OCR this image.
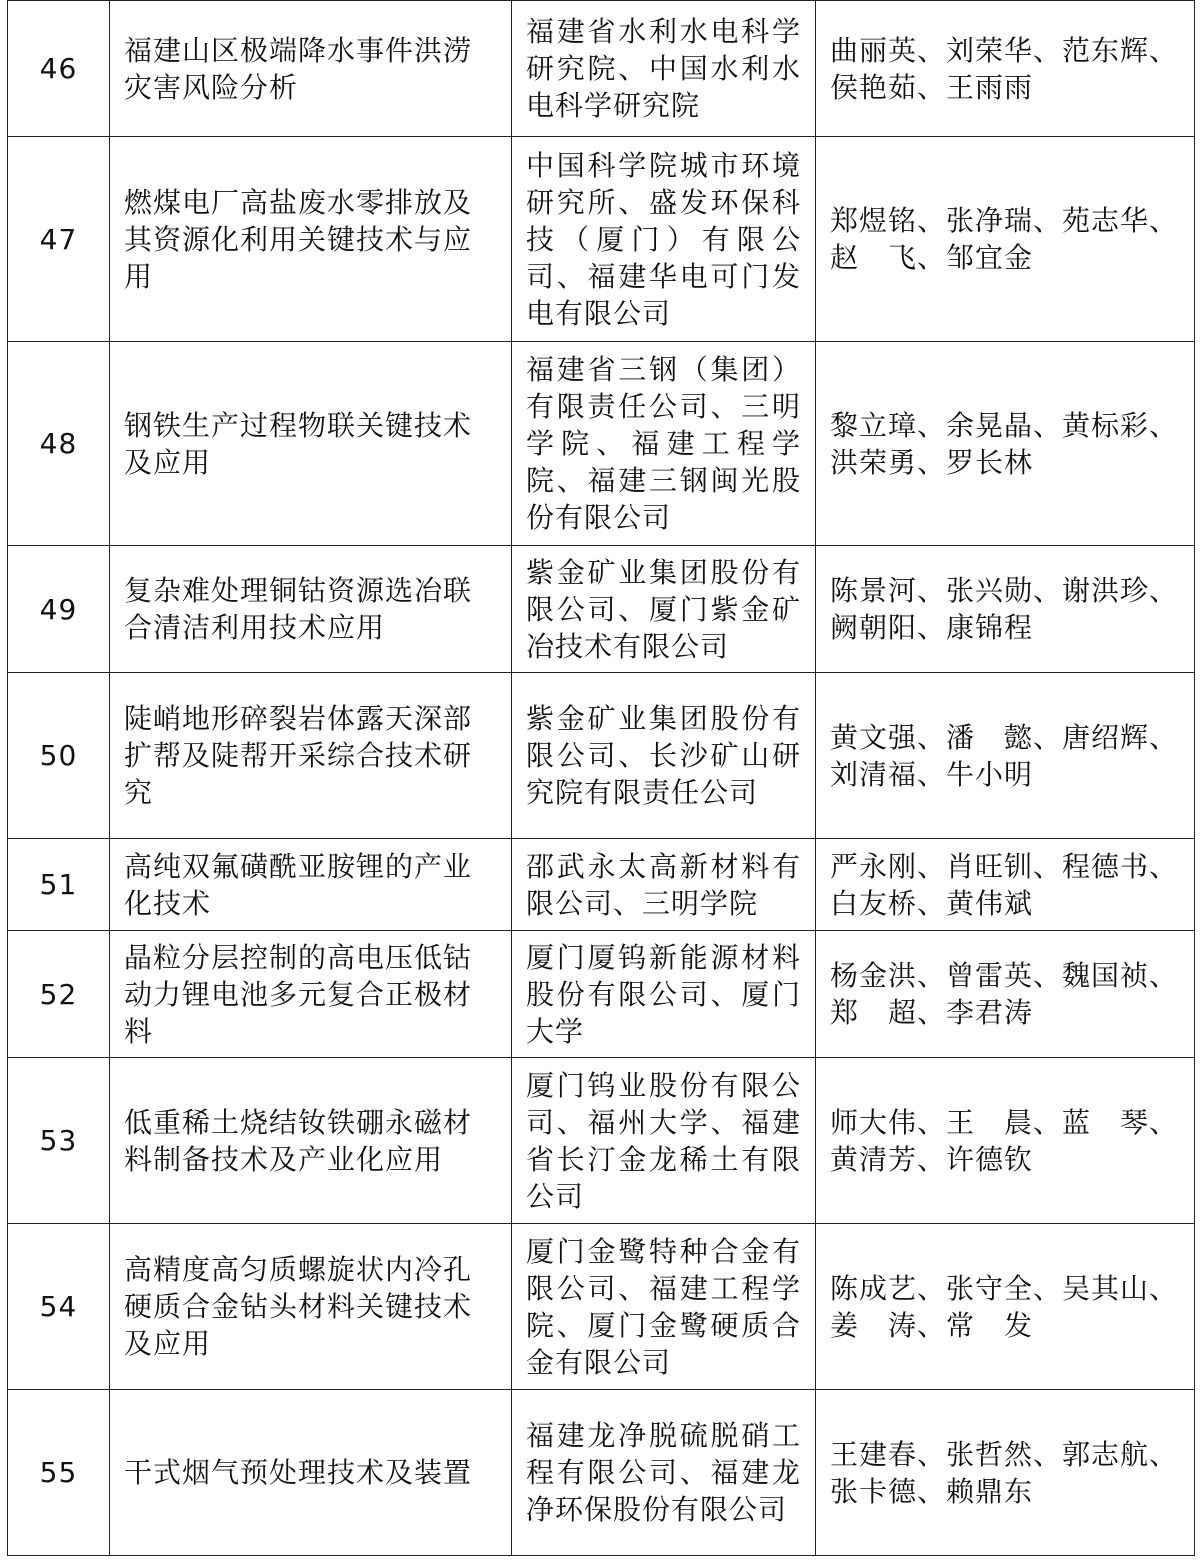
46	福建山区极端降水事件洪涝灾害风险分析	福建省水利水电科学研究院、中国水利水电科学研究院	曲丽英、刘荣华、范东辉、
侯艳茹、王雨雨

47	燃煤电厂高盐废水零排放及其资源化利用关键技术与应用	中国科学院城市环境研究所、盛发环保科技（厦门）有限公司、福建华电可门发电有限公司	郑煜铭、张净瑞、苑志华、
赵　飞、邹宜金

48	钢铁生产过程物联关键技术及应用	福建省三钢（集团）有限责任公司、三明学院、福建工程学院、福建三钢闽光股份有限公司	黎立璋、余晃晶、黄标彩、
洪荣勇、罗长林

49	复杂难处理铜钴资源选冶联合清洁利用技术应用	紫金矿业集团股份有限公司、厦门紫金矿冶技术有限公司	陈景河、张兴勋、谢洪珍、
阙朝阳、康锦程

50	陡峭地形碎裂岩体露天深部扩帮及陡帮开采综合技术研究	紫金矿业集团股份有限公司、长沙矿山研究院有限责任公司	黄文强、潘　懿、唐绍辉、
刘清福、牛小明

51	高纯双氟磺酰亚胺锂的产业化技术	邵武永太高新材料有限公司、三明学院	严永刚、肖旺钏、程德书、
白友桥、黄伟斌

52	晶粒分层控制的高电压低钴动力锂电池多元复合正极材料	厦门厦钨新能源材料股份有限公司、厦门大学	杨金洪、曾雷英、魏国祯、
郑　超、李君涛

53	低重稀土烧结钕铁硼永磁材料制备技术及产业化应用	厦门钨业股份有限公司、福州大学、福建省长汀金龙稀土有限公司	师大伟、王　晨、蓝　琴、
黄清芳、许德钦

54	高精度高匀质螺旋状内冷孔硬质合金钻头材料关键技术及应用	厦门金鹭特种合金有限公司、福建工程学院、厦门金鹭硬质合金有限公司	陈成艺、张守全、吴其山、
姜　涛、常　发

55	干式烟气预处理技术及装置	福建龙净脱硫脱硝工程有限公司、福建龙净环保股份有限公司	王建春、张哲然、郭志航、
张卡德、赖鼎东
